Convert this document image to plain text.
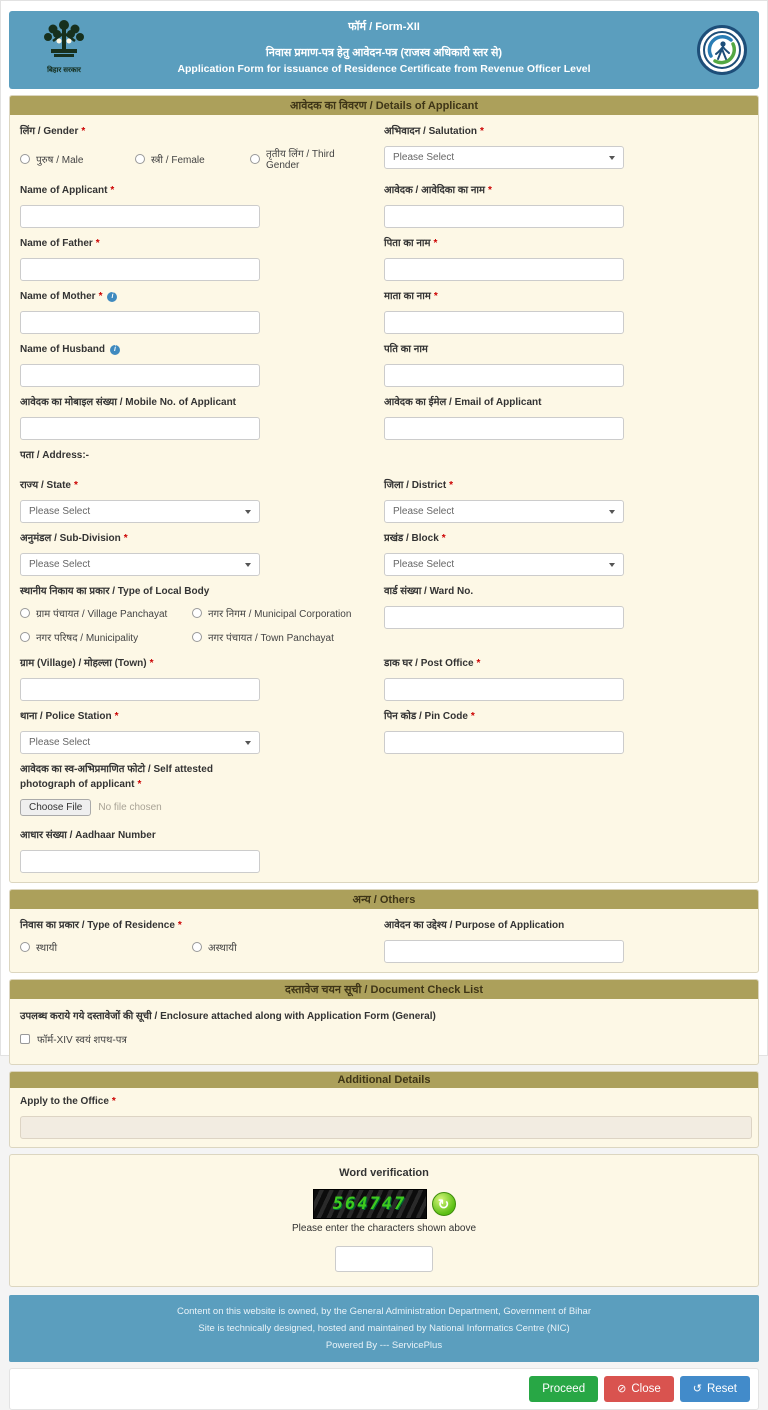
बिहार सरकार
फॉर्म / Form-XII
निवास प्रमाण-पत्र हेतु आवेदन-पत्र (राजस्व अधिकारी स्तर से)
Application Form for issuance of Residence Certificate from Revenue Officer Level
आवेदक का विवरण / Details of Applicant
लिंग / Gender *
पुरुष / Male	स्त्री / Female	तृतीय लिंग / Third Gender
अभिवादन / Salutation *
Please Select
Name of Applicant *	आवेदक / आवेदिका का नाम *
Name of Father *	पिता का नाम *
Name of Mother *	i	माता का नाम *
Name of Husband	i	पति का नाम
आवेदक का मोबाइल संख्या / Mobile No. of Applicant	आवेदक का ईमेल / Email of Applicant
पता / Address:-
राज्य / State *
Please Select
जिला / District *
Please Select
अनुमंडल / Sub-Division *
Please Select
प्रखंड / Block *
Please Select
स्थानीय निकाय का प्रकार / Type of Local Body
ग्राम पंचायत / Village Panchayat	नगर निगम / Municipal Corporation
नगर परिषद / Municipality	नगर पंचायत / Town Panchayat
वार्ड संख्या / Ward No.
ग्राम (Village) / मोहल्ला (Town) *	डाक घर / Post Office *
थाना / Police Station *
Please Select
पिन कोड / Pin Code *
आवेदक का स्व-अभिप्रमाणित फोटो / Self attested photograph of applicant *
Choose File	No file chosen
आधार संख्या / Aadhaar Number
अन्य / Others
निवास का प्रकार / Type of Residence *
स्थायी	अस्थायी
आवेदन का उद्देश्य / Purpose of Application
दस्तावेज चयन सूची / Document Check List
उपलब्ध कराये गये दस्तावेजों की सूची / Enclosure attached along with Application Form (General)
फॉर्म-XIV स्वयं शपथ-पत्र
Additional Details
Apply to the Office *
Word verification
564747	↻
Please enter the characters shown above
Content on this website is owned, by the General Administration Department, Government of Bihar
Site is technically designed, hosted and maintained by National Informatics Centre (NIC)
Powered By --- ServicePlus
Proceed	⊘ Close	↺ Reset
